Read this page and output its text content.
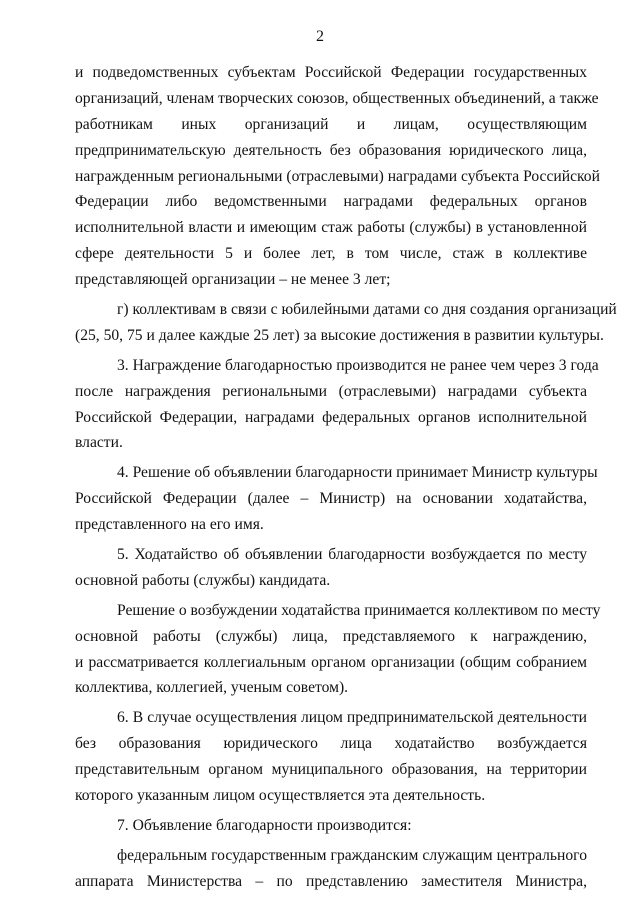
2
и подведомственных субъектам Российской Федерации государственных
организаций, членам творческих союзов, общественных объединений, а также
работникам иных организаций и лицам, осуществляющим
предпринимательскую деятельность без образования юридического лица,
награжденным региональными (отраслевыми) наградами субъекта Российской
Федерации либо ведомственными наградами федеральных органов
исполнительной власти и имеющим стаж работы (службы) в установленной
сфере деятельности 5 и более лет, в том числе, стаж в коллективе
представляющей организации – не менее 3 лет;
г) коллективам в связи с юбилейными датами со дня создания организаций
(25, 50, 75 и далее каждые 25 лет) за высокие достижения в развитии культуры.
3. Награждение благодарностью производится не ранее чем через 3 года
после награждения региональными (отраслевыми) наградами субъекта
Российской Федерации, наградами федеральных органов исполнительной
власти.
4. Решение об объявлении благодарности принимает Министр культуры
Российской Федерации (далее – Министр) на основании ходатайства,
представленного на его имя.
5. Ходатайство об объявлении благодарности возбуждается по месту
основной работы (службы) кандидата.
Решение о возбуждении ходатайства принимается коллективом по месту
основной работы (службы) лица, представляемого к награждению,
и рассматривается коллегиальным органом организации (общим собранием
коллектива, коллегией, ученым советом).
6. В случае осуществления лицом предпринимательской деятельности
без образования юридического лица ходатайство возбуждается
представительным органом муниципального образования, на территории
которого указанным лицом осуществляется эта деятельность.
7. Объявление благодарности производится:
федеральным государственным гражданским служащим центрального
аппарата Министерства – по представлению заместителя Министра,
